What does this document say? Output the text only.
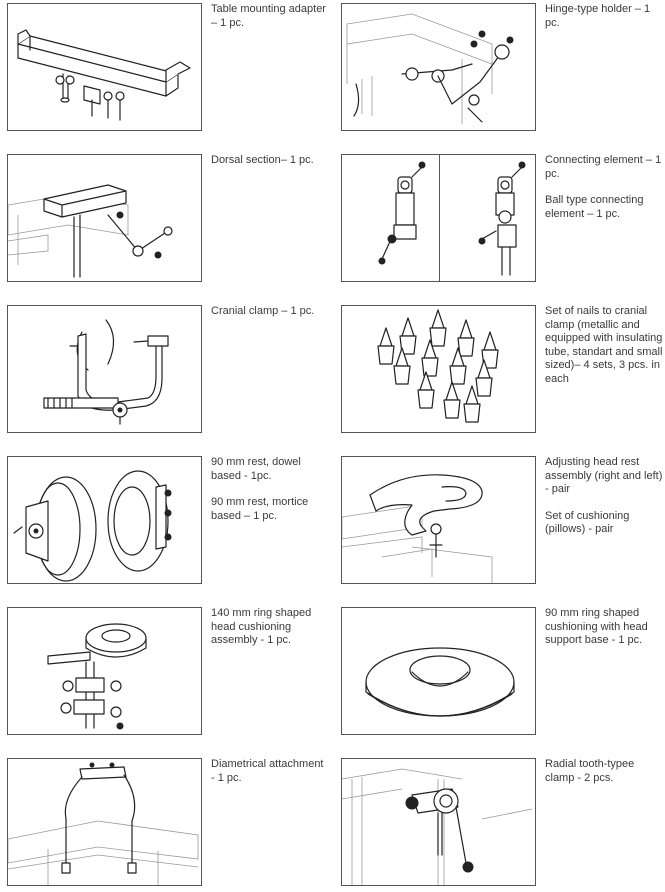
Table mounting adapter – 1 pc.

Hinge-type holder – 1 pc.

Dorsal section– 1 pc.	Connecting element – 1 pc.

Ball type connecting element – 1 pc.

Cranial clamp – 1 pc.	Set of nails to cranial clamp (metallic and equipped with insulating tube, standart and small sized)– 4 sets, 3 pcs. in each

90 mm rest, dowel based - 1pc.

90 mm rest, mortice based – 1 pc.

Adjusting head rest assembly (right and left) - pair

Set of cushioning (pillows) - pair

140 mm ring shaped head cushioning assembly - 1 pc.

90 mm ring shaped cushioning with head support base - 1 pc.

Diametrical attachment - 1 pc.

Radial tooth-typee clamp - 2 pcs.
